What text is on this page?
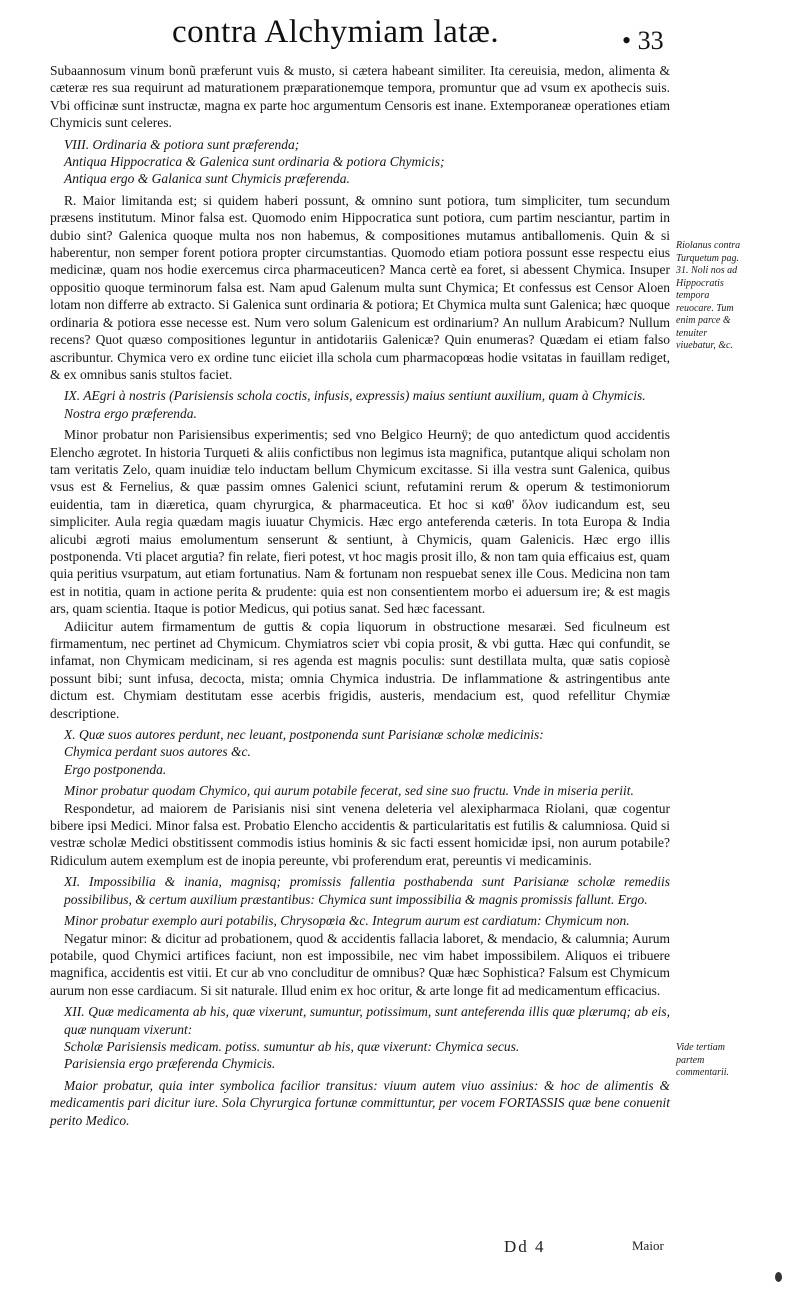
contra Alchymiam latæ.	• 33

Subaannosum vinum bonũ præferunt vuis & musto, si cætera habeant similiter. Ita cereuisia, medon, alimenta & cæteræ res sua requirunt ad maturationem præparationemque tempora, promuntur que ad vsum ex apothecis suis. Vbi officinæ sunt instructæ, magna ex parte hoc argumentum Censoris est inane. Extemporaneæ operationes etiam Chymicis sunt celeres.

VIII. Ordinaria & potiora sunt præferenda;

Antiqua Hippocratica & Galenica sunt ordinaria & potiora Chymicis;

Antiqua ergo & Galanica sunt Chymicis præferenda.

R. Maior limitanda est; si quidem haberi possunt, & omnino sunt potiora, tum simpliciter, tum secundum præsens institutum. Minor falsa est. Quomodo enim Hippocratica sunt potiora, cum partim nesciantur, partim in dubio sint? Galenica quoque multa nos non habemus, & compositiones mutamus antiballomenis. Quin & si haberentur, non semper forent potiora propter circumstantias. Quomodo etiam potiora possunt esse respectu eius medicinæ, quam nos hodie exercemus circa pharmaceuticen? Manca certè ea foret, si abessent Chymica. Insuper oppositio quoque terminorum falsa est. Nam apud Galenum multa sunt Chymica; Et confessus est Censor Aloen lotam non differre ab extracto. Si Galenica sunt ordinaria & potiora; Et Chymica multa sunt Galenica; hæc quoque ordinaria & potiora esse necesse est. Num vero solum Galenicum est ordinarium? An nullum Arabicum? Nullum recens? Quot quæso compositiones leguntur in antidotariis Galenicæ? Quin enumeras? Quædam ei etiam falso ascribuntur. Chymica vero ex ordine tunc eiiciet illa schola cum pharmacopœas hodie vsitatas in fauillam rediget, & ex omnibus sanis stultos faciet.

IX. AEgri à nostris (Parisiensis schola coctis, infusis, expressis) maius sentiunt auxilium, quam à Chymicis.

Nostra ergo præferenda.

Minor probatur non Parisiensibus experimentis; sed vno Belgico Heurnÿ; de quo antedictum quod accidentis Elencho ægrotet. In historia Turqueti & aliis confictibus non legimus ista magnifica, putantque aliqui scholam non tam veritatis Zelo, quam inuidiæ telo inductam bellum Chymicum excitasse. Si illa vestra sunt Galenica, quibus vsus est & Fernelius, & quæ passim omnes Galenici sciunt, refutamini rerum & operum & testimoniorum euidentia, tam in diæretica, quam chyrurgica, & pharmaceutica. Et hoc si καθ' ὅλον iudicandum est, seu simpliciter. Aula regia quædam magis iuuatur Chymicis. Hæc ergo anteferenda cæteris. In tota Europa & India alicubi ægroti maius emolumentum senserunt & sentiunt, à Chymicis, quam Galenicis. Hæc ergo illis postponenda. Vti placet argutia? fin relate, fieri potest, vt hoc magis prosit illo, & non tam quia efficaius est, quam quia peritius vsurpatum, aut etiam fortunatius. Nam & fortunam non respuebat senex ille Cous. Medicina non tam est in notitia, quam in actione perita & prudente: quia est non consentientem morbo ei aduersum ire; & est magis ars, quam scientia. Itaque is potior Medicus, qui potius sanat. Sed hæc facessant.

Adiicitur autem firmamentum de guttis & copia liquorum in obstructione mesaræi. Sed ficulneum est firmamentum, nec pertinet ad Chymicum. Chymiatros scieт vbi copia prosit, & vbi gutta. Hæc qui confundit, se infamat, non Chymicam medicinam, si res agenda est magnis poculis: sunt destillata multa, quæ satis copiosè possunt bibi; sunt infusa, decocta, mista; omnia Chymica industria. De inflammatione & astringentibus ante dictum est. Chymiam destitutam esse acerbis frigidis, austeris, mendacium est, quod refellitur Chymiæ descriptione.

X. Quæ suos autores perdunt, nec leuant, postponenda sunt Parisianæ scholæ medicinis:

Chymica perdant suos autores &c.

Ergo postponenda.

Minor probatur quodam Chymico, qui aurum potabile fecerat, sed sine suo fructu. Vnde in miseria periit.

Respondetur, ad maiorem de Parisianis nisi sint venena deleteria vel alexipharmaca Riolani, quæ cogentur bibere ipsi Medici. Minor falsa est. Probatio Elencho accidentis & particularitatis est futilis & calumniosa. Quid si vestræ scholæ Medici obstitissent commodis istius hominis & sic facti essent homicidæ ipsi, non aurum potabile? Ridiculum autem exemplum est de inopia pereunte, vbi proferendum erat, pereuntis vi medicaminis.

XI. Impossibilia & inania, magnisq; promissis fallentia posthabenda sunt Parisianæ scholæ remediis possibilibus, & certum auxilium præstantibus: Chymica sunt impossibilia & magnis promissis fallunt. Ergo.

Minor probatur exemplo auri potabilis, Chrysopœia &c. Integrum aurum est cardiatum: Chymicum non.

Negatur minor: & dicitur ad probationem, quod & accidentis fallacia laboret, & mendacio, & calumnia; Aurum potabile, quod Chymici artifices faciunt, non est impossibile, nec vim habet impossibilem. Aliquos ei tribuere magnifica, accidentis est vitii. Et cur ab vno concluditur de omnibus? Quæ hæc Sophistica? Falsum est Chymicum aurum non esse cardiacum. Si sit naturale. Illud enim ex hoc oritur, & arte longe fit ad medicamentum efficacius.

XII. Quæ medicamenta ab his, quæ vixerunt, sumuntur, potissimum, sunt anteferenda illis quæ plærumq; ab eis, quæ nunquam vixerunt:

Scholæ Parisiensis medicam. potiss. sumuntur ab his, quæ vixerunt: Chymica secus.

Parisiensia ergo præferenda Chymicis.

Maior probatur, quia inter symbolica facilior transitus: viuum autem viuo assinius: & hoc de alimentis & medicamentis pari dicitur iure. Sola Chyrurgica fortunæ committuntur, per vocem FORTASSIS quæ bene conuenit perito Medico.

Riolanus contra Turquetum pag. 31. Noli nos ad Hippocratis tempora reuocare. Tum enim parce & tenuiter viuebatur, &c.
Vide tertiam partem commentarii.
Dd 4	Maior
